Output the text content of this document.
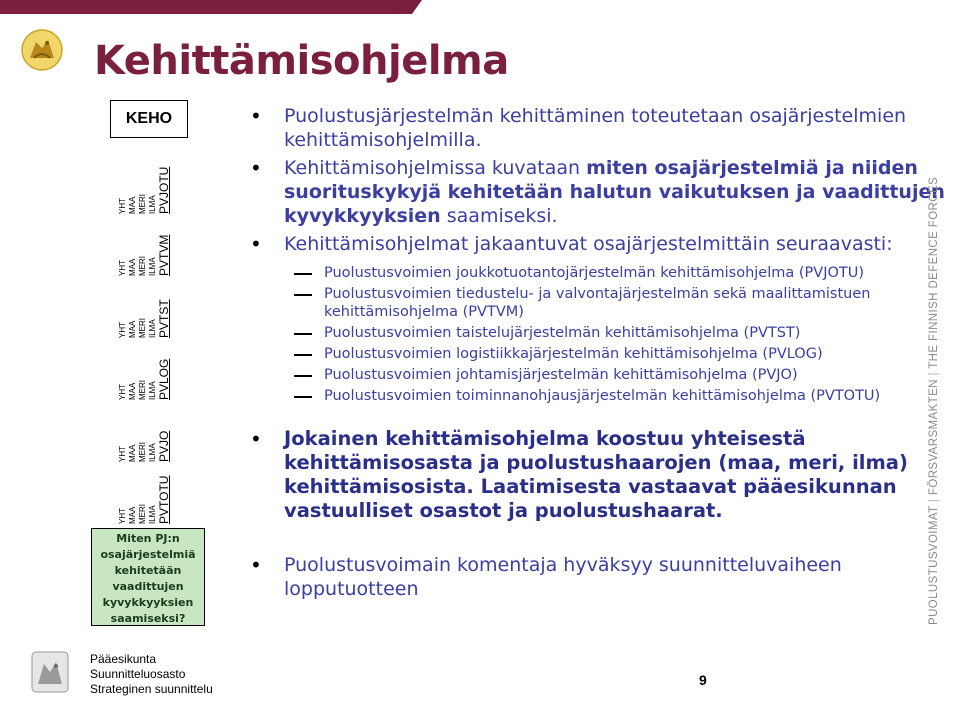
Kehittämisohjelma
KEHO
PVJOTU
YHT MAA MERI ILMA
PVTVM
YHT MAA MERI ILMA
PVTST
YHT MAA MERI ILMA
PVLOG
YHT MAA MERI ILMA
PVJO
YHT MAA MERI ILMA
PVTOTU
YHT MAA MERI ILMA
Miten PJ:n
osajärjestelmiä
kehitetään
vaadittujen
kyvykkyyksien
saamiseksi?
• Puolustusjärjestelmän kehittäminen toteutetaan osajärjestelmien kehittämisohjelmilla.
• Kehittämisohjelmissa kuvataan miten osajärjestelmiä ja niiden suorituskykyjä kehitetään halutun vaikutuksen ja vaadittujen kyvykkyyksien saamiseksi.
• Kehittämisohjelmat jakaantuvat osajärjestelmittäin seuraavasti:
Puolustusvoimien joukkotuotantojärjestelmän kehittämisohjelma (PVJOTU)
Puolustusvoimien tiedustelu- ja valvontajärjestelmän sekä maalittamistuen kehittämisohjelma (PVTVM)
Puolustusvoimien taistelujärjestelmän kehittämisohjelma (PVTST)
Puolustusvoimien logistiikkajärjestelmän kehittämisohjelma (PVLOG)
Puolustusvoimien johtamisjärjestelmän kehittämisohjelma (PVJO)
Puolustusvoimien toiminnanohjausjärjestelmän kehittämisohjelma (PVTOTU)
• Jokainen kehittämisohjelma koostuu yhteisestä kehittämisosasta ja puolustushaarojen (maa, meri, ilma) kehittämisosista. Laatimisesta vastaavat pääesikunnan vastuulliset osastot ja puolustushaarat.
• Puolustusvoimain komentaja hyväksyy suunnitteluvaiheen lopputuotteen
Pääesikunta
Suunnitteluosasto
Strateginen suunnittelu
9
PUOLUSTUSVOIMAT | FÖRSVARSMAKTEN | THE FINNISH DEFENCE FORCES
